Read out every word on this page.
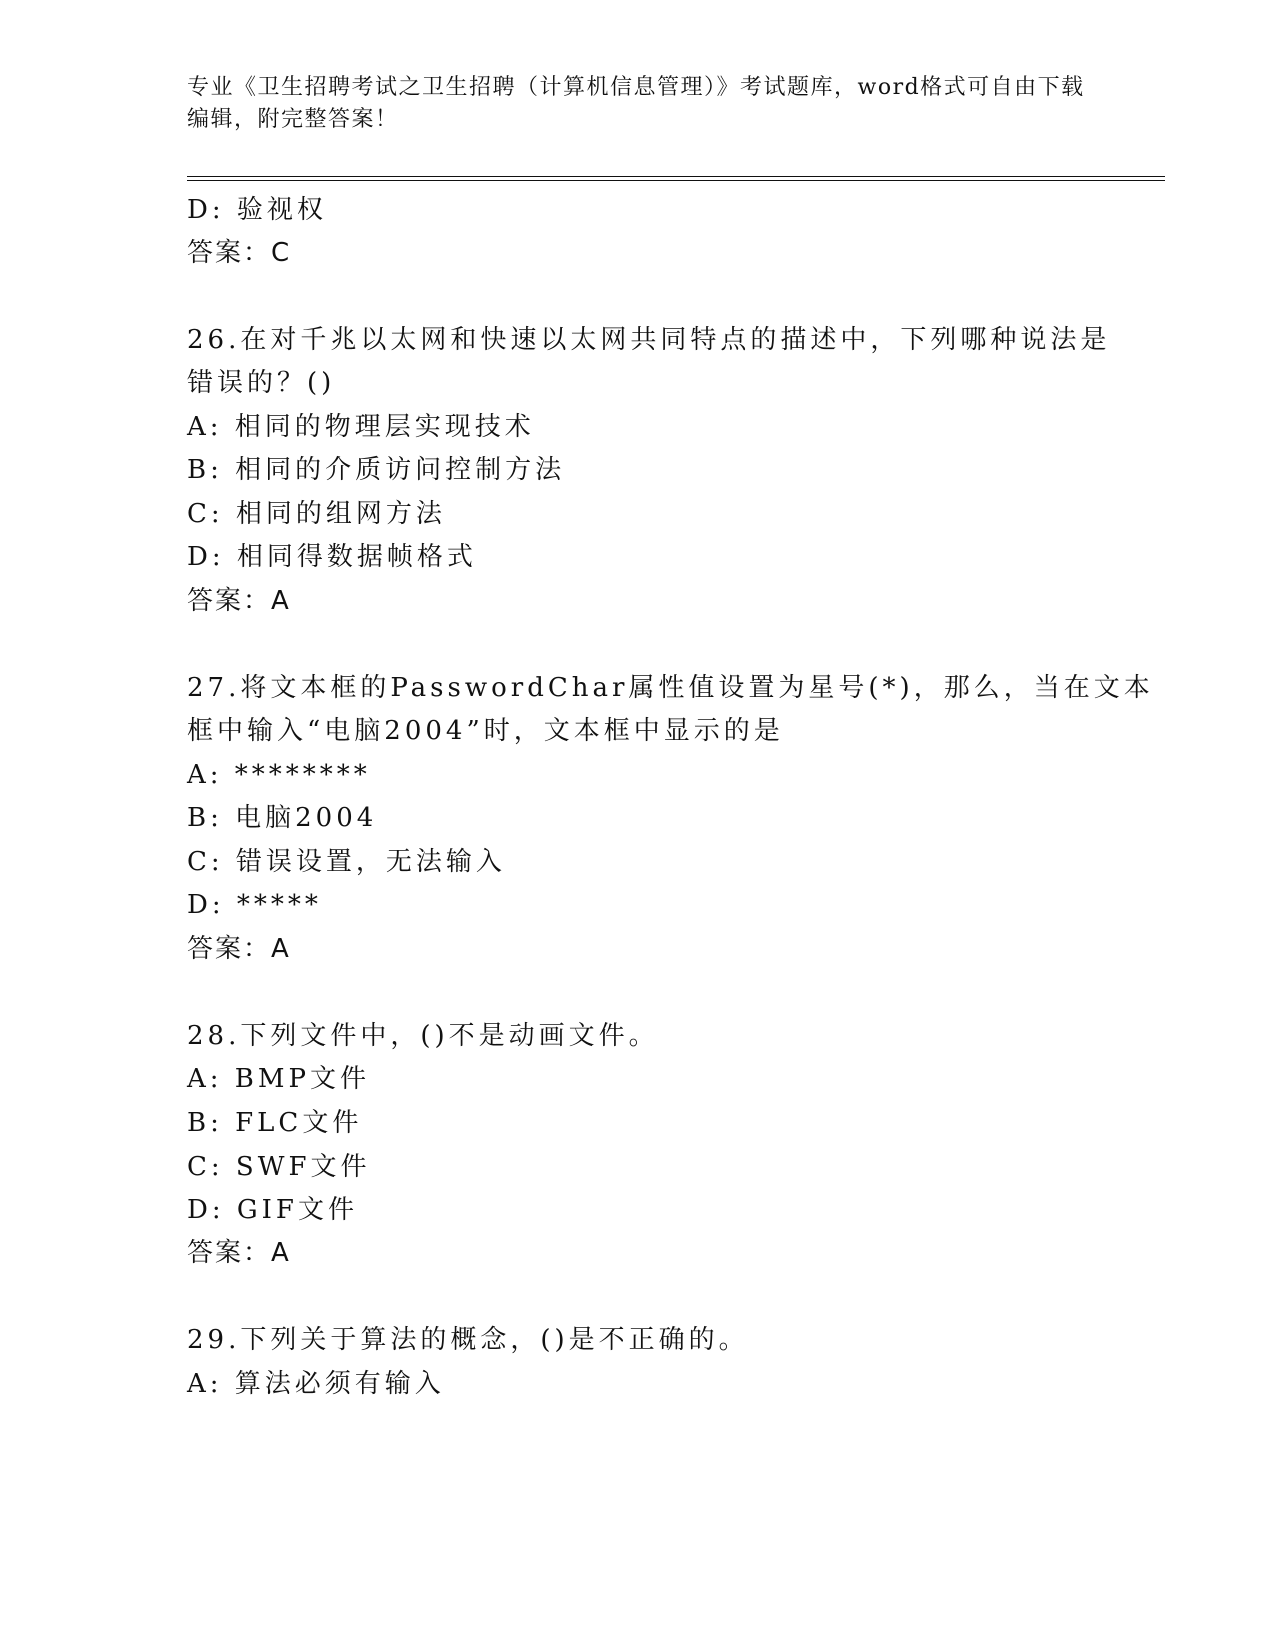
专业《卫生招聘考试之卫生招聘（计算机信息管理）》考试题库，word格式可自由下载编辑，附完整答案！
D: 验视权
答案：C
26.在对千兆以太网和快速以太网共同特点的描述中，下列哪种说法是
错误的？()
A: 相同的物理层实现技术
B: 相同的介质访问控制方法
C: 相同的组网方法
D: 相同得数据帧格式
答案：A
27.将文本框的PasswordChar属性值设置为星号(*)，那么，当在文本
框中输入“电脑2004”时，文本框中显示的是
A: ********
B: 电脑2004
C: 错误设置，无法输入
D: *****
答案：A
28.下列文件中，()不是动画文件。
A: BMP文件
B: FLC文件
C: SWF文件
D: GIF文件
答案：A
29.下列关于算法的概念，()是不正确的。
A: 算法必须有输入
